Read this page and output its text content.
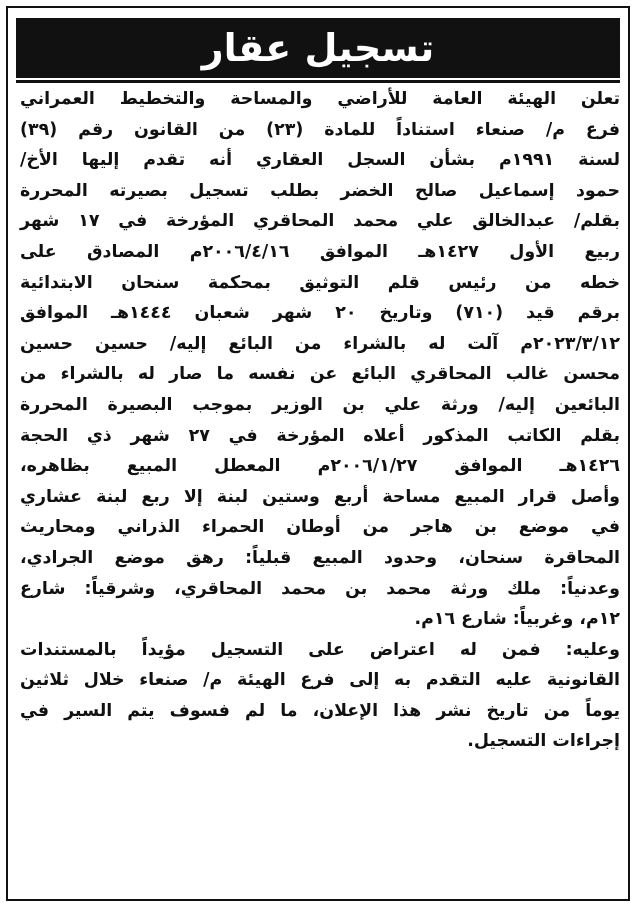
تسجيل عقار

تعلن الهيئة العامة للأراضي والمساحة والتخطيط العمراني
فرع م/ صنعاء استناداً للمادة (٢٣) من القانون رقم (٣٩)
لسنة ١٩٩١م بشأن السجل العقاري أنه تقدم إليها الأخ/
حمود إسماعيل صالح الخضر بطلب تسجيل بصيرته المحررة
بقلم/ عبدالخالق علي محمد المحاقري المؤرخة في ١٧ شهر
ربيع الأول ١٤٢٧هـ الموافق ٢٠٠٦/٤/١٦م المصادق على
خطه من رئيس قلم التوثيق بمحكمة سنحان الابتدائية
برقم قيد (٧١٠) وتاريخ ٢٠ شهر شعبان ١٤٤٤هـ الموافق
٢٠٢٣/٣/١٢م آلت له بالشراء من البائع إليه/ حسين حسين
محسن غالب المحاقري البائع عن نفسه ما صار له بالشراء من
البائعين إليه/ ورثة علي بن الوزير بموجب البصيرة المحررة
بقلم الكاتب المذكور أعلاه المؤرخة في ٢٧ شهر ذي الحجة
١٤٢٦هـ الموافق ٢٠٠٦/١/٢٧م المعطل المبيع بظاهره،
وأصل قرار المبيع مساحة أربع وستين لبنة إلا ربع لبنة عشاري
في موضع بن هاجر من أوطان الحمراء الذراني ومحاريث
المحاقرة سنحان، وحدود المبيع قبلياً: رهق موضع الجرادي،
وعدنياً: ملك ورثة محمد بن محمد المحاقري، وشرقياً: شارع
١٢م، وغربياً: شارع ١٦م.

وعليه: فمن له اعتراض على التسجيل مؤيداً بالمستندات
القانونية عليه التقدم به إلى فرع الهيئة م/ صنعاء خلال ثلاثين
يوماً من تاريخ نشر هذا الإعلان، ما لم فسوف يتم السير في
إجراءات التسجيل.
